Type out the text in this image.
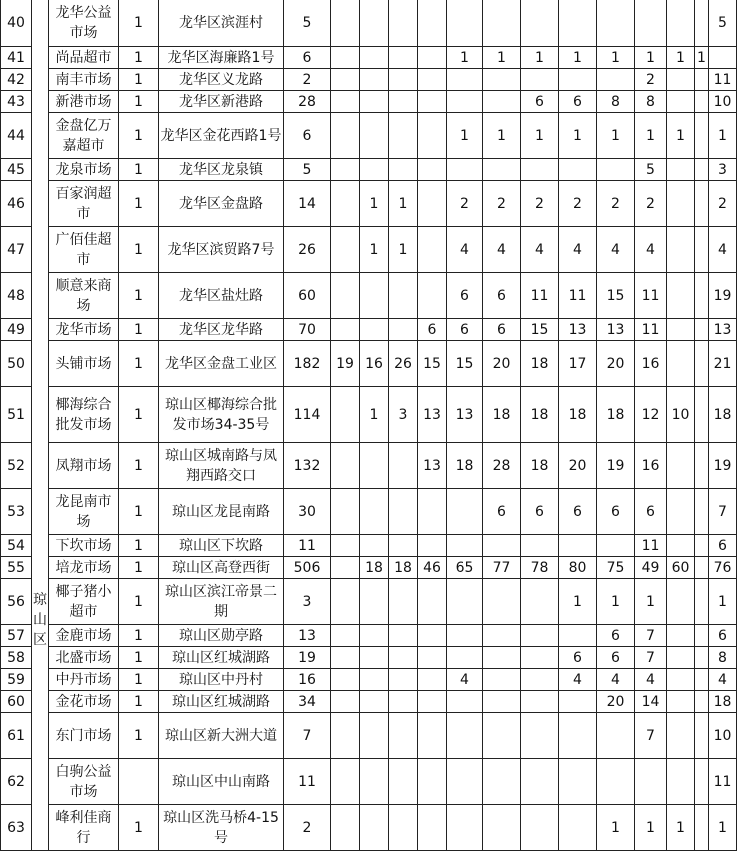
40	琼山区	龙华公益市场	1	龙华区滨涯村	5													5
41		尚品超市	1	龙华区海廉路1号	6					1	1	1	1	1	1	1	1	
42		南丰市场	1	龙华区义龙路	2										2			11
43		新港市场	1	龙华区新港路	28							6	6	8	8			10
44		金盘亿万嘉超市	1	龙华区金花西路1号	6					1	1	1	1	1	1	1		1
45		龙泉市场	1	龙华区龙泉镇	5										5			3
46		百家润超市	1	龙华区金盘路	14		1	1		2	2	2	2	2	2			2
47		广佰佳超市	1	龙华区滨贸路7号	26		1	1		4	4	4	4	4	4			4
48		顺意来商场	1	龙华区盐灶路	60					6	6	11	11	15	11			19
49		龙华市场	1	龙华区龙华路	70				6	6	6	15	13	13	11			13
50		头铺市场	1	龙华区金盘工业区	182	19	16	26	15	15	20	18	17	20	16			21
51		椰海综合批发市场	1	琼山区椰海综合批发市场34-35号	114		1	3	13	13	18	18	18	18	12	10		18
52		凤翔市场	1	琼山区城南路与凤翔西路交口	132				13	18	28	18	20	19	16			19
53		龙昆南市场	1	琼山区龙昆南路	30						6	6	6	6	6			7
54		下坎市场	1	琼山区下坎路	11										11			6
55		培龙市场	1	琼山区高登西街	506		18	18	46	65	77	78	80	75	49	60		76
56		椰子猪小超市	1	琼山区滨江帝景二期	3								1	1	1			1
57		金鹿市场	1	琼山区勋亭路	13									6	7			6
58		北盛市场	1	琼山区红城湖路	19								6	6	7			8
59		中丹市场	1	琼山区中丹村	16					4			4	4	4			4
60		金花市场	1	琼山区红城湖路	34									20	14			18
61		东门市场	1	琼山区新大洲大道	7										7			10
62		白驹公益市场		琼山区中山南路	11													11
63		峰利佳商行	1	琼山区洗马桥4-15号	2									1	1	1		1
